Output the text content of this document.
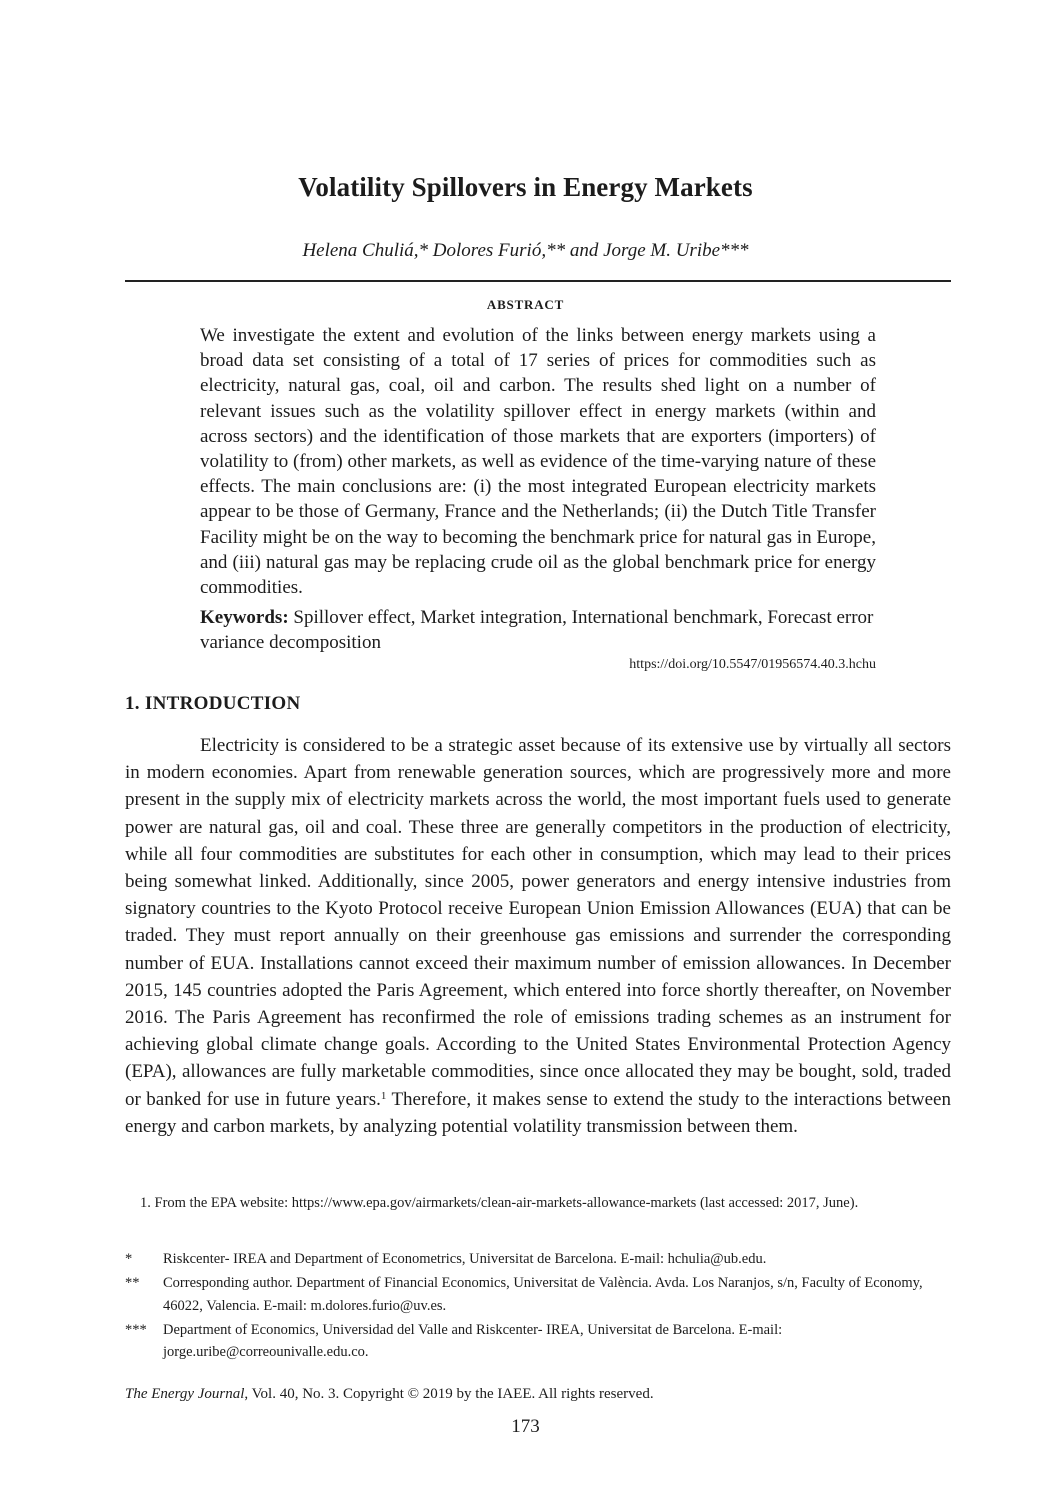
Volatility Spillovers in Energy Markets
Helena Chuliá,* Dolores Furió,** and Jorge M. Uribe***
ABSTRACT

We investigate the extent and evolution of the links between energy markets using a broad data set consisting of a total of 17 series of prices for commodities such as electricity, natural gas, coal, oil and carbon. The results shed light on a number of relevant issues such as the volatility spillover effect in energy markets (within and across sectors) and the identification of those markets that are exporters (importers) of volatility to (from) other markets, as well as evidence of the time-varying nature of these effects. The main conclusions are: (i) the most integrated European electricity markets appear to be those of Germany, France and the Netherlands; (ii) the Dutch Title Transfer Facility might be on the way to becoming the benchmark price for natural gas in Europe, and (iii) natural gas may be replacing crude oil as the global benchmark price for energy commodities.

Keywords: Spillover effect, Market integration, International benchmark, Forecast error variance decomposition

https://doi.org/10.5547/01956574.40.3.hchu
1. INTRODUCTION

Electricity is considered to be a strategic asset because of its extensive use by virtually all sectors in modern economies. Apart from renewable generation sources, which are progressively more and more present in the supply mix of electricity markets across the world, the most important fuels used to generate power are natural gas, oil and coal. These three are generally competitors in the production of electricity, while all four commodities are substitutes for each other in consumption, which may lead to their prices being somewhat linked. Additionally, since 2005, power generators and energy intensive industries from signatory countries to the Kyoto Protocol receive European Union Emission Allowances (EUA) that can be traded. They must report annually on their greenhouse gas emissions and surrender the corresponding number of EUA. Installations cannot exceed their maximum number of emission allowances. In December 2015, 145 countries adopted the Paris Agreement, which entered into force shortly thereafter, on November 2016. The Paris Agreement has reconfirmed the role of emissions trading schemes as an instrument for achieving global climate change goals. According to the United States Environmental Protection Agency (EPA), allowances are fully marketable commodities, since once allocated they may be bought, sold, traded or banked for use in future years.$^1$ Therefore, it makes sense to extend the study to the interactions between energy and carbon markets, by analyzing potential volatility transmission between them.

1. From the EPA website: https://www.epa.gov/airmarkets/clean-air-markets-allowance-markets (last accessed: 2017, June).

* Riskcenter- IREA and Department of Econometrics, Universitat de Barcelona. E-mail: hchulia@ub.edu.
** Corresponding author. Department of Financial Economics, Universitat de València. Avda. Los Naranjos, s/n, Faculty of Economy, 46022, Valencia. E-mail: m.dolores.furio@uv.es.
*** Department of Economics, Universidad del Valle and Riskcenter- IREA, Universitat de Barcelona. E-mail: jorge.uribe@correounivalle.edu.co.
The Energy Journal, Vol. 40, No. 3. Copyright © 2019 by the IAEE. All rights reserved.
173
